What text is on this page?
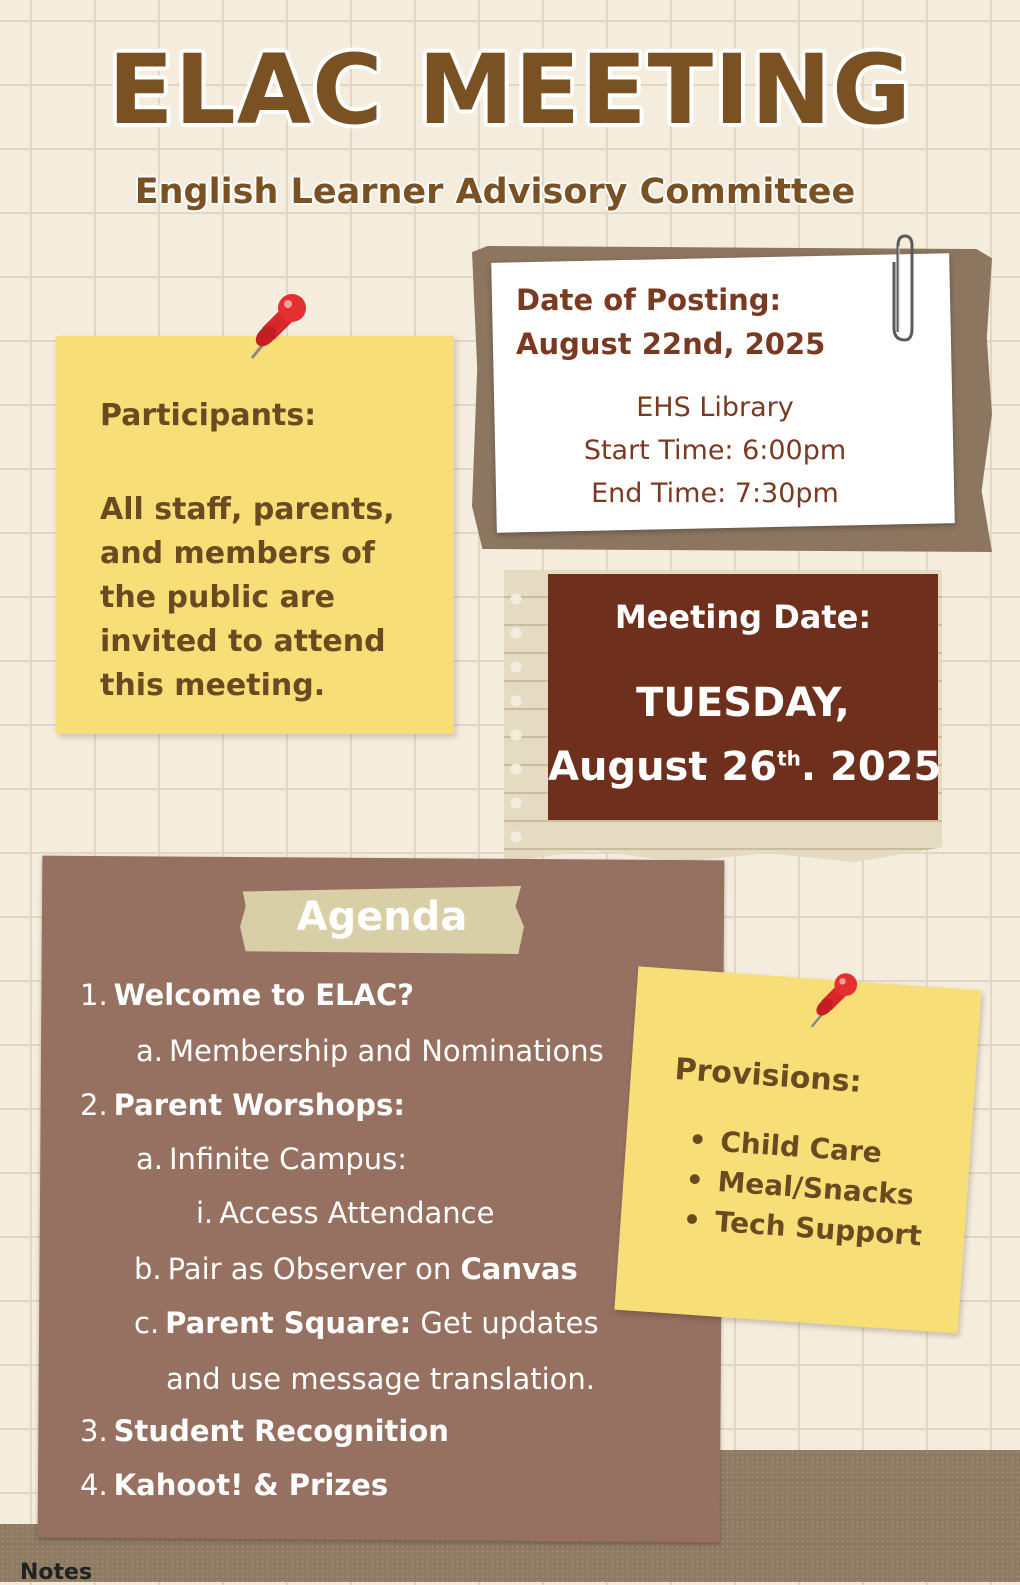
ELAC MEETING
English Learner Advisory Committee
Date of Posting:
August 22nd, 2025
EHS Library
Start Time: 6:00pm
End Time: 7:30pm
Participants:
All staff, parents, and members of the public are invited to attend this meeting.
Meeting Date:
TUESDAY,
August 26th. 2025
Agenda
1. Welcome to ELAC?
a. Membership and Nominations
2. Parent Worshops:
a. Infinite Campus:
i. Access Attendance
b. Pair as Observer on Canvas
c. Parent Square: Get updates
and use message translation.
3. Student Recognition
4. Kahoot! & Prizes
Provisions:
• Child Care
• Meal/Snacks
• Tech Support
Notes
